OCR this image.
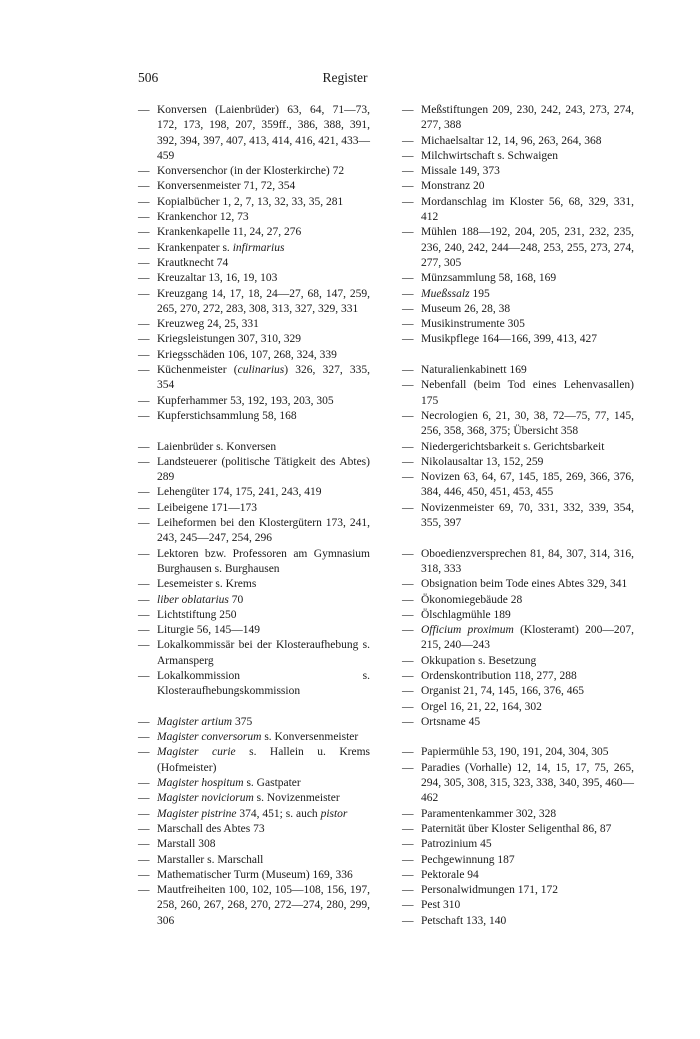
506	Register
— Konversen (Laienbrüder) 63, 64, 71—73, 172, 173, 198, 207, 359ff., 386, 388, 391, 392, 394, 397, 407, 413, 414, 416, 421, 433—459
— Konversenchor (in der Klosterkirche) 72
— Konversenmeister 71, 72, 354
— Kopialbücher 1, 2, 7, 13, 32, 33, 35, 281
— Krankenchor 12, 73
— Krankenkapelle 11, 24, 27, 276
— Krankenpater s. infirmarius
— Krautknecht 74
— Kreuzaltar 13, 16, 19, 103
— Kreuzgang 14, 17, 18, 24—27, 68, 147, 259, 265, 270, 272, 283, 308, 313, 327, 329, 331
— Kreuzweg 24, 25, 331
— Kriegsleistungen 307, 310, 329
— Kriegsschäden 106, 107, 268, 324, 339
— Küchenmeister (culinarius) 326, 327, 335, 354
— Kupferhammer 53, 192, 193, 203, 305
— Kupferstichsammlung 58, 168
— Laienbrüder s. Konversen
— Landsteuerer (politische Tätigkeit des Abtes) 289
— Lehengüter 174, 175, 241, 243, 419
— Leibeigene 171—173
— Leiheformen bei den Klostergütern 173, 241, 243, 245—247, 254, 296
— Lektoren bzw. Professoren am Gymnasium Burghausen s. Burghausen
— Lesemeister s. Krems
— liber oblatarius 70
— Lichtstiftung 250
— Liturgie 56, 145—149
— Lokalkommissär bei der Klosteraufhebung s. Armansperg
— Lokalkommission s. Klosteraufhebungskommission
— Magister artium 375
— Magister conversorum s. Konversenmeister
— Magister curie s. Hallein u. Krems (Hofmeister)
— Magister hospitum s. Gastpater
— Magister noviciorum s. Novizenmeister
— Magister pistrine 374, 451; s. auch pistor
— Marschall des Abtes 73
— Marstall 308
— Marstaller s. Marschall
— Mathematischer Turm (Museum) 169, 336
— Mautfreiheiten 100, 102, 105—108, 156, 197, 258, 260, 267, 268, 270, 272—274, 280, 299, 306
— Meßstiftungen 209, 230, 242, 243, 273, 274, 277, 388
— Michaelsaltar 12, 14, 96, 263, 264, 368
— Milchwirtschaft s. Schwaigen
— Missale 149, 373
— Monstranz 20
— Mordanschlag im Kloster 56, 68, 329, 331, 412
— Mühlen 188—192, 204, 205, 231, 232, 235, 236, 240, 242, 244—248, 253, 255, 273, 274, 277, 305
— Münzsammlung 58, 168, 169
— Mueßssalz 195
— Museum 26, 28, 38
— Musikinstrumente 305
— Musikpflege 164—166, 399, 413, 427
— Naturalienkabinett 169
— Nebenfall (beim Tod eines Lehenvasallen) 175
— Necrologien 6, 21, 30, 38, 72—75, 77, 145, 256, 358, 368, 375; Übersicht 358
— Niedergerichtsbarkeit s. Gerichtsbarkeit
— Nikolausaltar 13, 152, 259
— Novizen 63, 64, 67, 145, 185, 269, 366, 376, 384, 446, 450, 451, 453, 455
— Novizenmeister 69, 70, 331, 332, 339, 354, 355, 397
— Oboedienzversprechen 81, 84, 307, 314, 316, 318, 333
— Obsignation beim Tode eines Abtes 329, 341
— Ökonomiegebäude 28
— Ölschlagmühle 189
— Officium proximum (Klosteramt) 200—207, 215, 240—243
— Okkupation s. Besetzung
— Ordenskontribution 118, 277, 288
— Organist 21, 74, 145, 166, 376, 465
— Orgel 16, 21, 22, 164, 302
— Ortsname 45
— Papiermühle 53, 190, 191, 204, 304, 305
— Paradies (Vorhalle) 12, 14, 15, 17, 75, 265, 294, 305, 308, 315, 323, 338, 340, 395, 460—462
— Paramentenkammer 302, 328
— Paternität über Kloster Seligenthal 86, 87
— Patrozinium 45
— Pechgewinnung 187
— Pektorale 94
— Personalwidmungen 171, 172
— Pest 310
— Petschaft 133, 140
